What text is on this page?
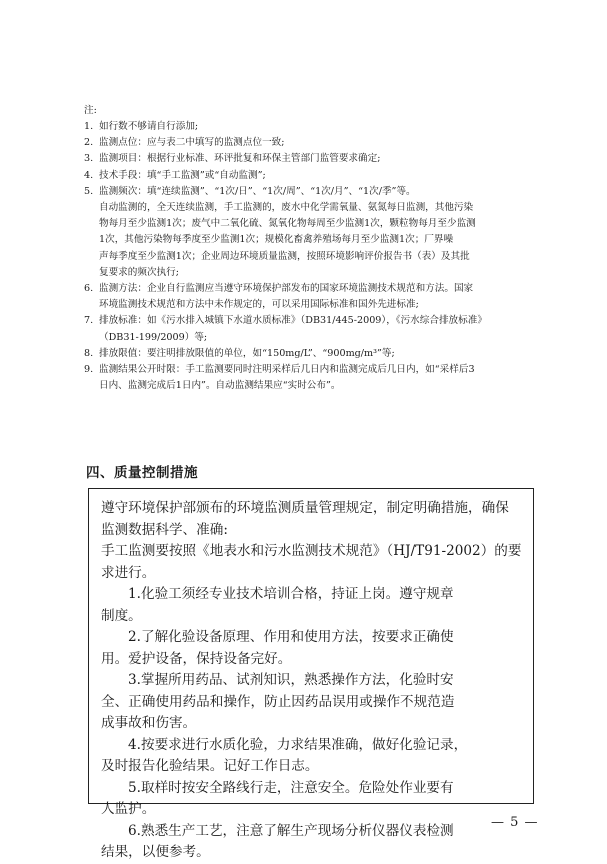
注:
1. 如行数不够请自行添加;
2. 监测点位：应与表二中填写的监测点位一致;
3. 监测项目：根据行业标准、环评批复和环保主管部门监管要求确定;
4. 技术手段：填“手工监测”或“自动监测”;
5. 监测频次：填“连续监测”、“1次/日”、“1次/周”、“1次/月”、“1次/季”等。
自动监测的，全天连续监测，手工监测的，废水中化学需氧量、氨氮每日监测，其他污染
物每月至少监测1次；废气中二氧化硫、氮氧化物每周至少监测1次，颗粒物每月至少监测
1次，其他污染物每季度至少监测1次；规模化畜禽养殖场每月至少监测1次；厂界噪
声每季度至少监测1次；企业周边环境质量监测，按照环境影响评价报告书（表）及其批
复要求的频次执行;
6. 监测方法：企业自行监测应当遵守环境保护部发布的国家环境监测技术规范和方法。国家
环境监测技术规范和方法中未作规定的，可以采用国际标准和国外先进标准;
7. 排放标准：如《污水排入城镇下水道水质标准》（DB31/445-2009），《污水综合排放标准》
（DB31-199/2009）等;
8. 排放限值：要注明排放限值的单位，如“150mg/L”、“900mg/m³”等;
9. 监测结果公开时限：手工监测要同时注明采样后几日内和监测完成后几日内，如“采样后3
日内、监测完成后1日内”。自动监测结果应“实时公布”。
四、质量控制措施
遵守环境保护部颁布的环境监测质量管理规定，制定明确措施，确保
监测数据科学、准确:
手工监测要按照《地表水和污水监测技术规范》（HJ/T91-2002）的要
求进行。
1.化验工须经专业技术培训合格，持证上岗。遵守规章
制度。
2.了解化验设备原理、作用和使用方法，按要求正确使
用。爱护设备，保持设备完好。
3.掌握所用药品、试剂知识，熟悉操作方法，化验时安
全、正确使用药品和操作，防止因药品误用或操作不规范造
成事故和伤害。
4.按要求进行水质化验，力求结果准确，做好化验记录，
及时报告化验结果。记好工作日志。
5.取样时按安全路线行走，注意安全。危险处作业要有
人监护。
6.熟悉生产工艺，注意了解生产现场分析仪器仪表检测
结果，以便参考。
— 5 —
